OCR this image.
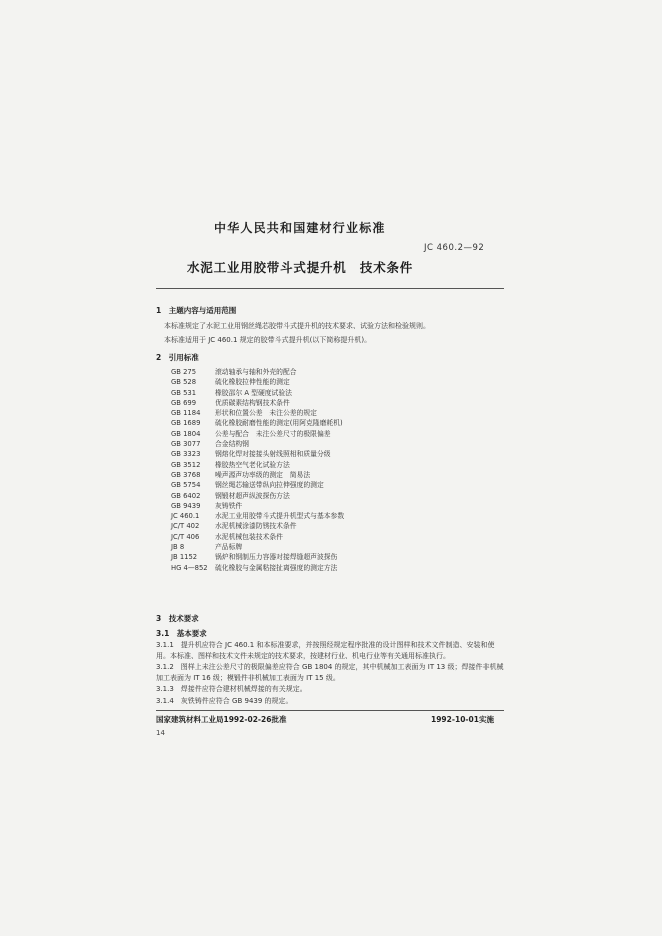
中华人民共和国建材行业标准
JC 460.2—92
水泥工业用胶带斗式提升机　技术条件
1　主题内容与适用范围
本标准规定了水泥工业用钢丝绳芯胶带斗式提升机的技术要求、试验方法和检验规则。
本标准适用于 JC 460.1 规定的胶带斗式提升机(以下简称提升机)。
2　引用标准
GB 275	滚动轴承与轴和外壳的配合
GB 528	硫化橡胶拉伸性能的测定
GB 531	橡胶邵尔 A 型硬度试验法
GB 699	优质碳素结构钢技术条件
GB 1184 形状和位置公差　未注公差的规定
GB 1689 硫化橡胶耐磨性能的测定(用阿克隆磨耗机)
GB 1804 公差与配合　未注公差尺寸的极限偏差
GB 3077 合金结构钢
GB 3323 钢熔化焊对接接头射线照相和质量分级
GB 3512 橡胶热空气老化试验方法
GB 3768 噪声源声功率级的测定　简易法
GB 5754 钢丝绳芯输送带纵向拉伸强度的测定
GB 6402 钢锻材超声纵波探伤方法
GB 9439 灰铸铁件
JC 460.1 水泥工业用胶带斗式提升机型式与基本参数
JC/T 402 水泥机械涂漆防锈技术条件
JC/T 406 水泥机械包装技术条件
JB 8	产品标牌
JB 1152	锅炉和钢制压力容器对接焊缝超声波探伤
HG 4—852 硫化橡胶与金属粘接扯离强度的测定方法
3　技术要求
3.1　基本要求
3.1.1　提升机应符合 JC 460.1 和本标准要求，并按照经规定程序批准的设计图样和技术文件制造、安装和使用。本标准、图样和技术文件未规定的技术要求，按建材行业、机电行业等有关通用标准执行。
3.1.2　图样上未注公差尺寸的极限偏差应符合 GB 1804 的规定，其中机械加工表面为 IT 13 级；焊接件非机械加工表面为 IT 16 级；模锻件非机械加工表面为 IT 15 级。
3.1.3　焊接件应符合建材机械焊接的有关规定。
3.1.4　灰铁铸件应符合 GB 9439 的规定。
国家建筑材料工业局1992-02-26批准	1992-10-01实施
14
